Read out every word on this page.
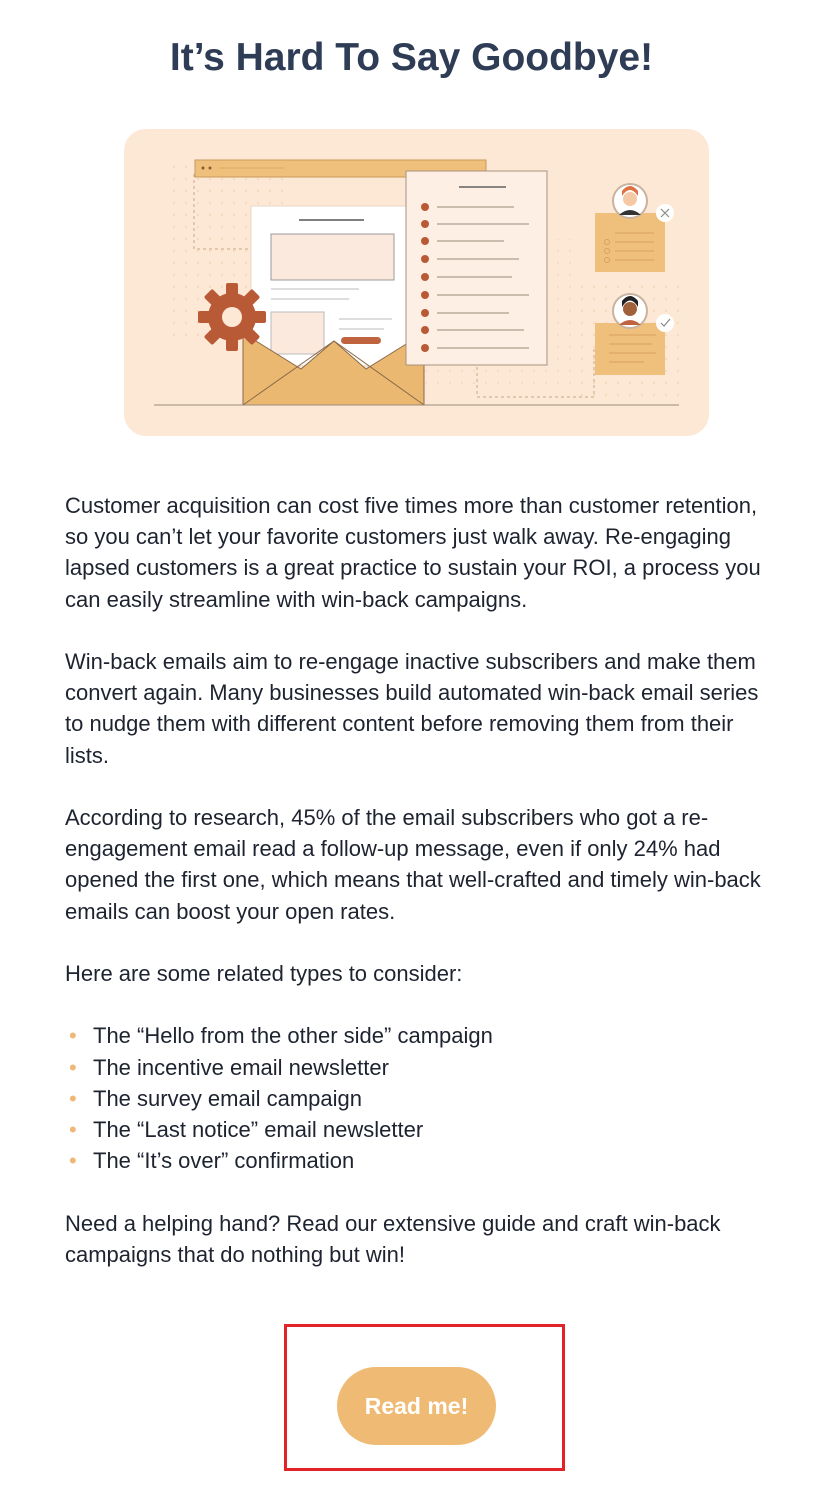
It’s Hard To Say Goodbye!

Customer acquisition can cost five times more than customer retention, so you can’t let your favorite customers just walk away. Re-engaging lapsed customers is a great practice to sustain your ROI, a process you can easily streamline with win-back campaigns.

Win-back emails aim to re-engage inactive subscribers and make them convert again. Many businesses build automated win-back email series to nudge them with different content before removing them from their lists.

According to research, 45% of the email subscribers who got a re-engagement email read a follow-up message, even if only 24% had opened the first one, which means that well-crafted and timely win-back emails can boost your open rates.

Here are some related types to consider:

• The “Hello from the other side” campaign
• The incentive email newsletter
• The survey email campaign
• The “Last notice” email newsletter
• The “It’s over” confirmation

Need a helping hand? Read our extensive guide and craft win-back campaigns that do nothing but win!

Read me!
